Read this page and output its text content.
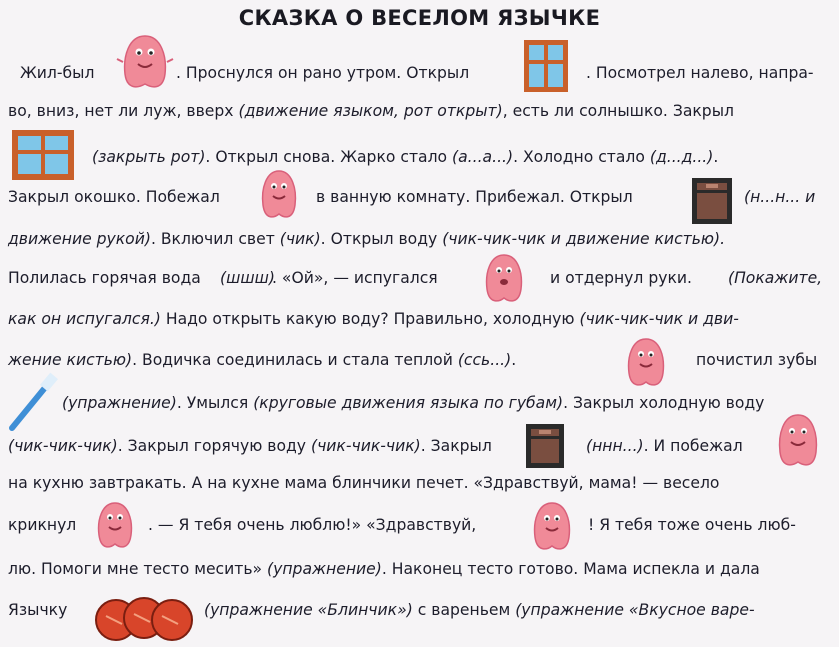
СКАЗКА О ВЕСЕЛОМ ЯЗЫЧКЕ
Жил-был	. Проснулся он рано утром. Открыл	. Посмотрел налево, напра-
во, вниз, нет ли луж, вверх (движение языком, рот открыт), есть ли солнышко. Закрыл
(закрыть рот). Открыл снова. Жарко стало (а...а...). Холодно стало (д...д...).
Закрыл окошко. Побежал	в ванную комнату. Прибежал. Открыл	(н...н... и
движение рукой). Включил свет (чик). Открыл воду (чик-чик-чик и движение кистью).
Полилась горячая вода (шшш)
. «Ой», — испугался	и отдернул руки. (Покажите,
как он испугался.) Надо открыть какую воду? Правильно, холодную (чик-чик-чик и дви-
жение кистью). Водичка соединилась и стала теплой (ссь...).	почистил зубы
(упражнение). Умылся (круговые движения языка по губам). Закрыл холодную воду
(чик-чик-чик). Закрыл горячую воду (чик-чик-чик). Закрыл	(ннн...). И побежал
на кухню завтракать. А на кухне мама блинчики печет. «Здравствуй, мама! — весело
крикнул	. — Я тебя очень люблю!» «Здравствуй,	! Я тебя тоже очень люб-
лю. Помоги мне тесто месить» (упражнение). Наконец тесто готово. Мама испекла и дала
Язычку	(упражнение «Блинчик») с вареньем (упражнение «Вкусное варе-
